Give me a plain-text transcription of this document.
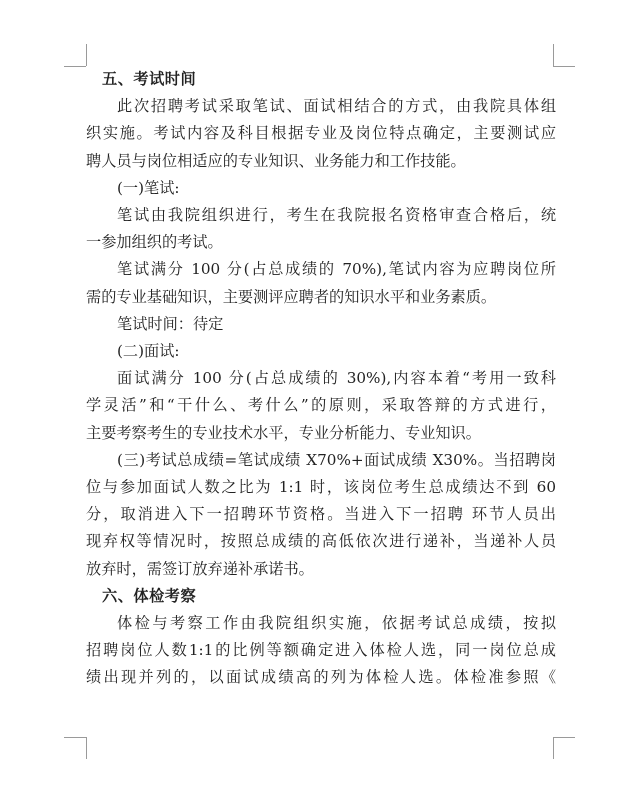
五、考试时间

此次招聘考试采取笔试、面试相结合的方式，由我院具体组

织实施。考试内容及科目根据专业及岗位特点确定，主要测试应

聘人员与岗位相适应的专业知识、业务能力和工作技能。

(一)笔试:

笔试由我院组织进行，考生在我院报名资格审查合格后，统

一参加组织的考试。

笔试满分 100 分(占总成绩的 70%),笔试内容为应聘岗位所

需的专业基础知识，主要测评应聘者的知识水平和业务素质。

笔试时间：待定

(二)面试:

面试满分 100 分(占总成绩的 30%),内容本着“考用一致科

学灵活”和“干什么、考什么”的原则，采取答辩的方式进行，

主要考察考生的专业技术水平，专业分析能力、专业知识。

(三)考试总成绩=笔试成绩 X70%+面试成绩 X30%。当招聘岗

位与参加面试人数之比为 1:1 时，该岗位考生总成绩达不到 60

分，取消进入下一招聘环节资格。当进入下一招聘 环节人员出

现弃权等情况时，按照总成绩的高低依次进行递补，当递补人员

放弃时，需签订放弃递补承诺书。

六、体检考察

体检与考察工作由我院组织实施，依据考试总成绩，按拟

招聘岗位人数1:1的比例等额确定进入体检人选，同一岗位总成

绩出现并列的，以面试成绩高的列为体检人选。体检准参照《
